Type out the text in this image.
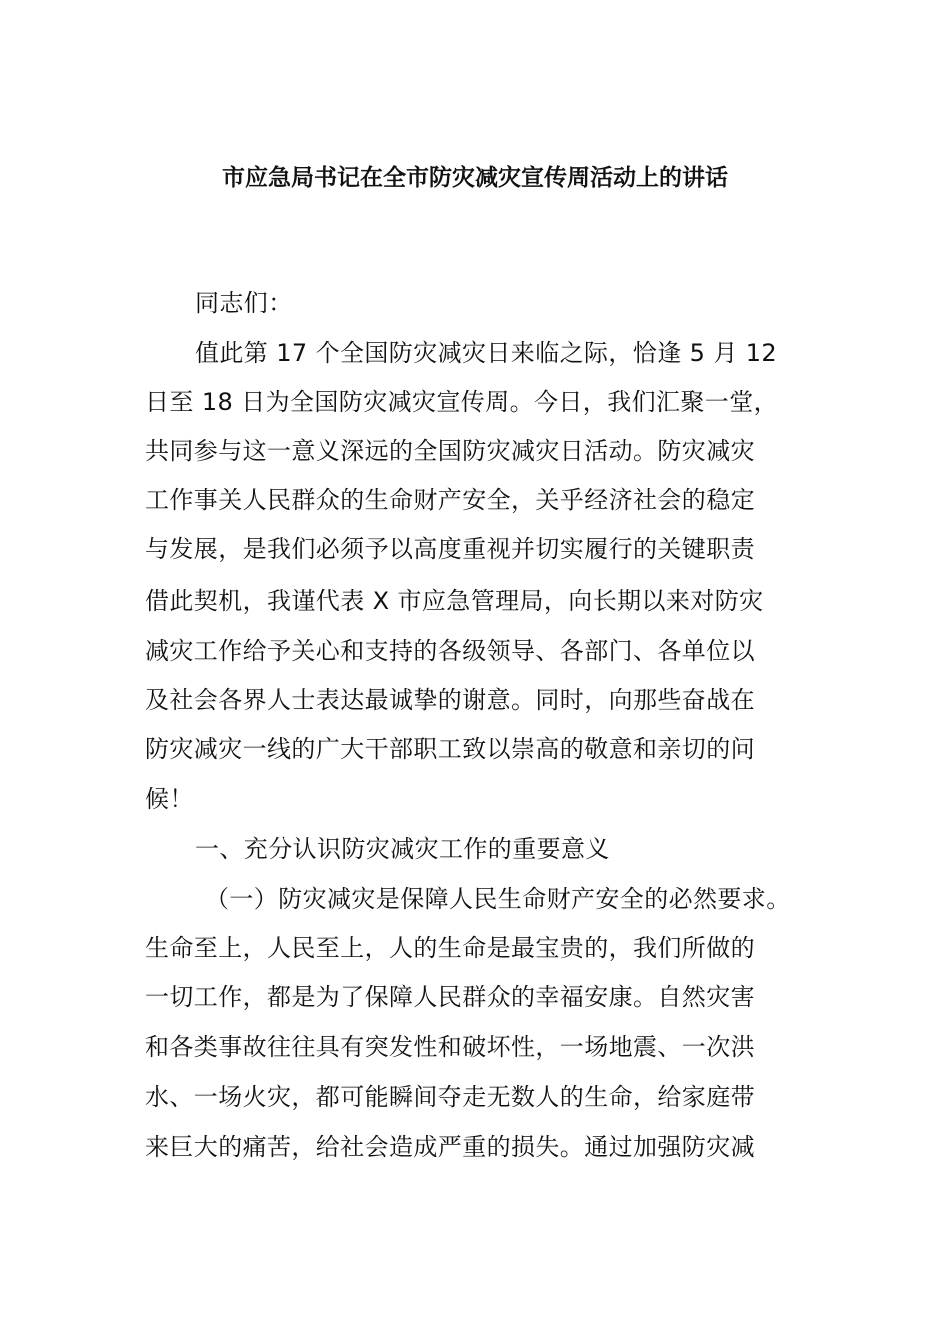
市应急局书记在全市防灾减灾宣传周活动上的讲话
同志们：
值此第 17 个全国防灾减灾日来临之际，恰逢 5 月 12
日至 18 日为全国防灾减灾宣传周。今日，我们汇聚一堂，
共同参与这一意义深远的全国防灾减灾日活动。防灾减灾
工作事关人民群众的生命财产安全，关乎经济社会的稳定
与发展，是我们必须予以高度重视并切实履行的关键职责
借此契机，我谨代表 X 市应急管理局，向长期以来对防灾
减灾工作给予关心和支持的各级领导、各部门、各单位以
及社会各界人士表达最诚挚的谢意。同时，向那些奋战在
防灾减灾一线的广大干部职工致以崇高的敬意和亲切的问
候！
一、充分认识防灾减灾工作的重要意义
（一）防灾减灾是保障人民生命财产安全的必然要求。
生命至上，人民至上，人的生命是最宝贵的，我们所做的
一切工作，都是为了保障人民群众的幸福安康。自然灾害
和各类事故往往具有突发性和破坏性，一场地震、一次洪
水、一场火灾，都可能瞬间夺走无数人的生命，给家庭带
来巨大的痛苦，给社会造成严重的损失。通过加强防灾减
